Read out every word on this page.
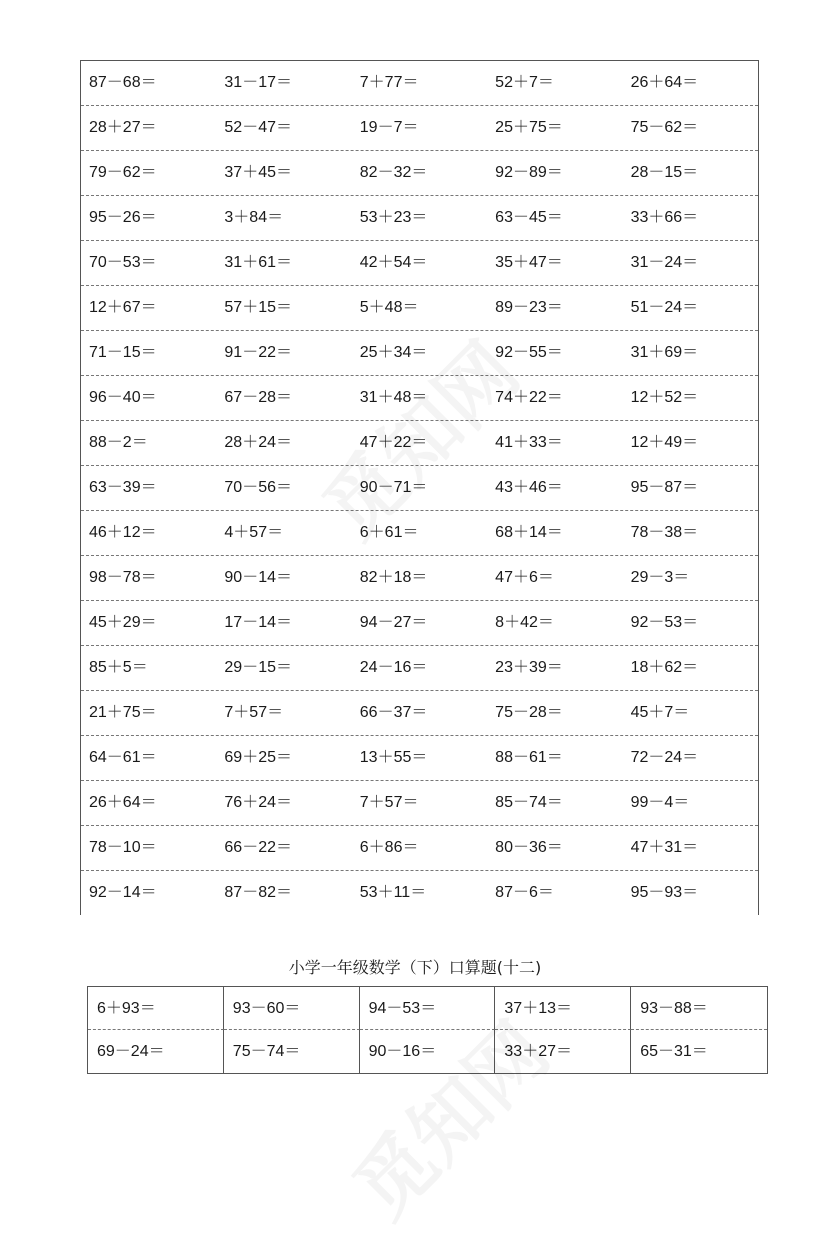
87－68＝	31－17＝	7＋77＝	52＋7＝	26＋64＝
28＋27＝	52－47＝	19－7＝	25＋75＝	75－62＝
79－62＝	37＋45＝	82－32＝	92－89＝	28－15＝
95－26＝	3＋84＝	53＋23＝	63－45＝	33＋66＝
70－53＝	31＋61＝	42＋54＝	35＋47＝	31－24＝
12＋67＝	57＋15＝	5＋48＝	89－23＝	51－24＝
71－15＝	91－22＝	25＋34＝	92－55＝	31＋69＝
96－40＝	67－28＝	31＋48＝	74＋22＝	12＋52＝
88－2＝	28＋24＝	47＋22＝	41＋33＝	12＋49＝
63－39＝	70－56＝	90－71＝	43＋46＝	95－87＝
46＋12＝	4＋57＝	6＋61＝	68＋14＝	78－38＝
98－78＝	90－14＝	82＋18＝	47＋6＝	29－3＝
45＋29＝	17－14＝	94－27＝	8＋42＝	92－53＝
85＋5＝	29－15＝	24－16＝	23＋39＝	18＋62＝
21＋75＝	7＋57＝	66－37＝	75－28＝	45＋7＝
64－61＝	69＋25＝	13＋55＝	88－61＝	72－24＝
26＋64＝	76＋24＝	7＋57＝	85－74＝	99－4＝
78－10＝	66－22＝	6＋86＝	80－36＝	47＋31＝
92－14＝	87－82＝	53＋11＝	87－6＝	95－93＝
小学一年级数学（下）口算题(十二)
6＋93＝	93－60＝	94－53＝	37＋13＝	93－88＝
69－24＝	75－74＝	90－16＝	33＋27＝	65－31＝
